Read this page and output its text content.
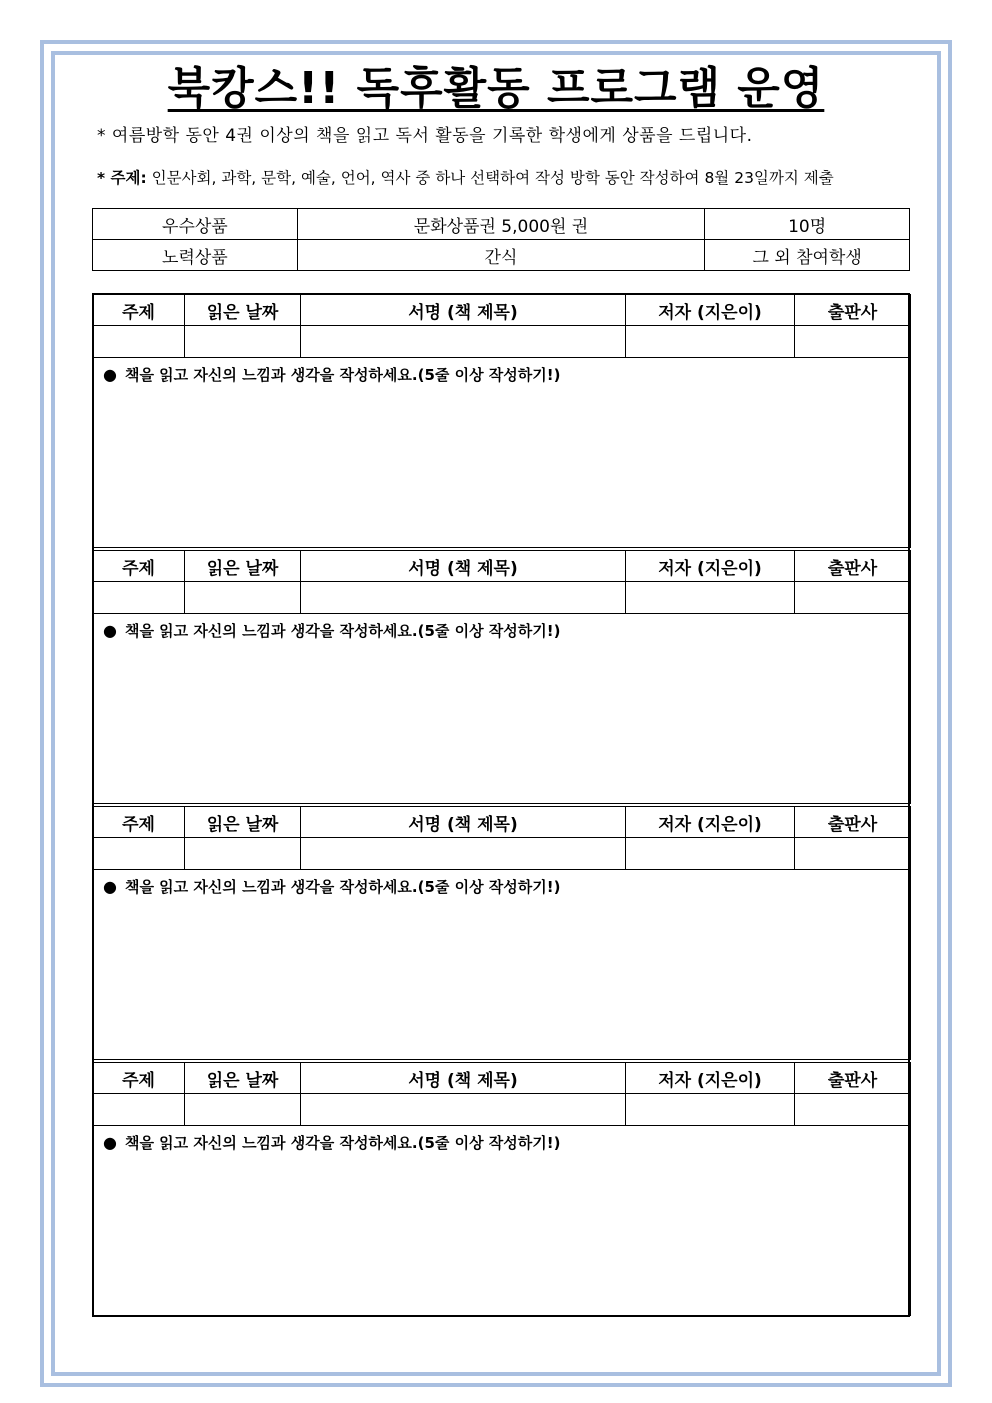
북캉스!! 독후활동 프로그램 운영
* 여름방학 동안 4권 이상의 책을 읽고 독서 활동을 기록한 학생에게 상품을 드립니다.
* 주제: 인문사회, 과학, 문학, 예술, 언어, 역사 중 하나 선택하여 작성 방학 동안 작성하여 8월 23일까지 제출
우수상품	문화상품권 5,000원 권	10명
노력상품	간식	그 외 참여학생
주제	읽은 날짜	서명 (책 제목)	저자 (지은이)	출판사

● 책을 읽고 자신의 느낌과 생각을 작성하세요.(5줄 이상 작성하기!)				
주제	읽은 날짜	서명 (책 제목)	저자 (지은이)	출판사

● 책을 읽고 자신의 느낌과 생각을 작성하세요.(5줄 이상 작성하기!)				
주제	읽은 날짜	서명 (책 제목)	저자 (지은이)	출판사

● 책을 읽고 자신의 느낌과 생각을 작성하세요.(5줄 이상 작성하기!)				
주제	읽은 날짜	서명 (책 제목)	저자 (지은이)	출판사

● 책을 읽고 자신의 느낌과 생각을 작성하세요.(5줄 이상 작성하기!)				
